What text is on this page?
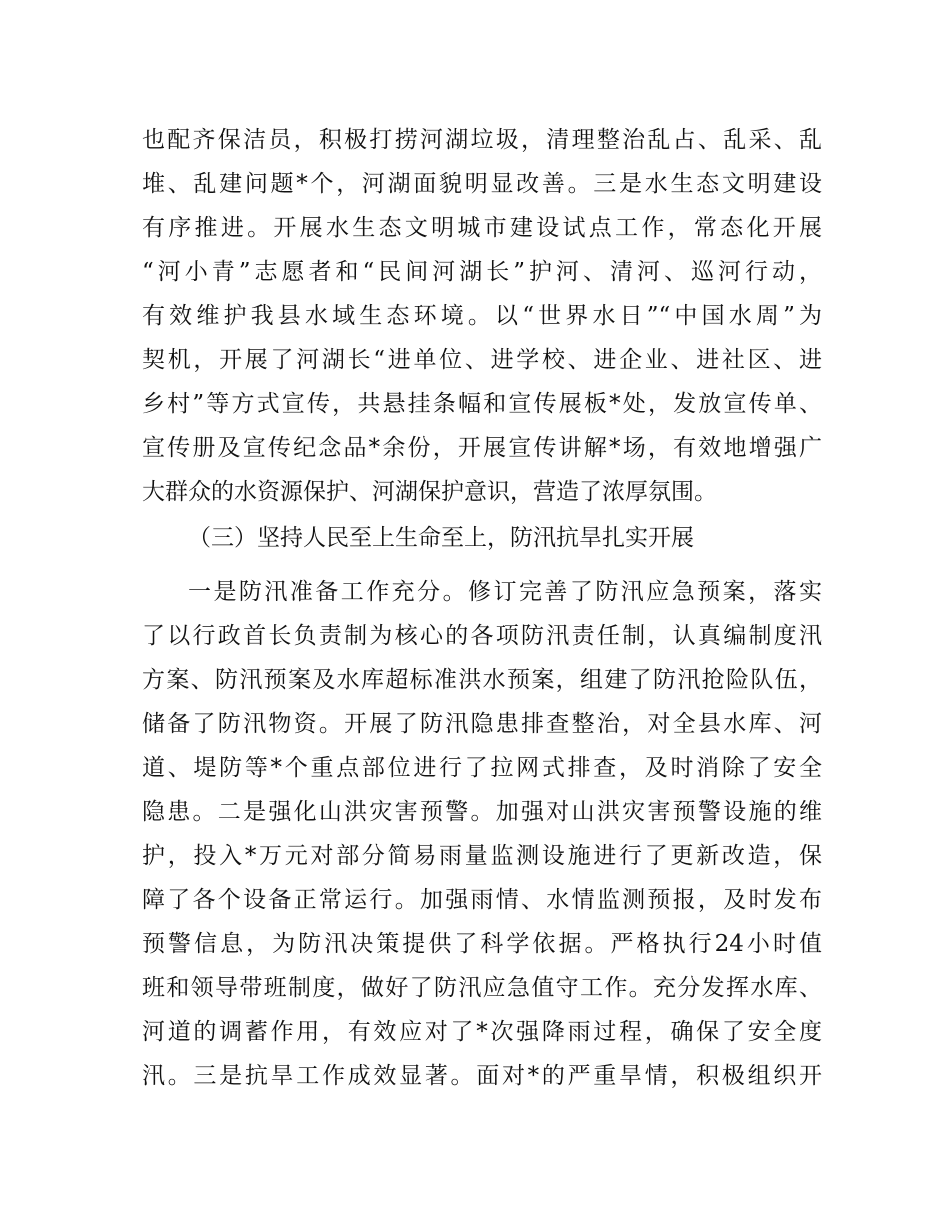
也配齐保洁员，积极打捞河湖垃圾，清理整治乱占、乱采、乱
堆、乱建问题*个，河湖面貌明显改善。三是水生态文明建设
有序推进。开展水生态文明城市建设试点工作，常态化开展
“河小青”志愿者和“民间河湖长”护河、清河、巡河行动，
有效维护我县水域生态环境。以“世界水日”“中国水周”为
契机，开展了河湖长“进单位、进学校、进企业、进社区、进
乡村”等方式宣传，共悬挂条幅和宣传展板*处，发放宣传单、
宣传册及宣传纪念品*余份，开展宣传讲解*场，有效地增强广
大群众的水资源保护、河湖保护意识，营造了浓厚氛围。
（三）坚持人民至上生命至上，防汛抗旱扎实开展
一是防汛准备工作充分。修订完善了防汛应急预案，落实
了以行政首长负责制为核心的各项防汛责任制，认真编制度汛
方案、防汛预案及水库超标准洪水预案，组建了防汛抢险队伍，
储备了防汛物资。开展了防汛隐患排查整治，对全县水库、河
道、堤防等*个重点部位进行了拉网式排查，及时消除了安全
隐患。二是强化山洪灾害预警。加强对山洪灾害预警设施的维
护，投入*万元对部分简易雨量监测设施进行了更新改造，保
障了各个设备正常运行。加强雨情、水情监测预报，及时发布
预警信息，为防汛决策提供了科学依据。严格执行24小时值
班和领导带班制度，做好了防汛应急值守工作。充分发挥水库、
河道的调蓄作用，有效应对了*次强降雨过程，确保了安全度
汛。三是抗旱工作成效显著。面对*的严重旱情，积极组织开
